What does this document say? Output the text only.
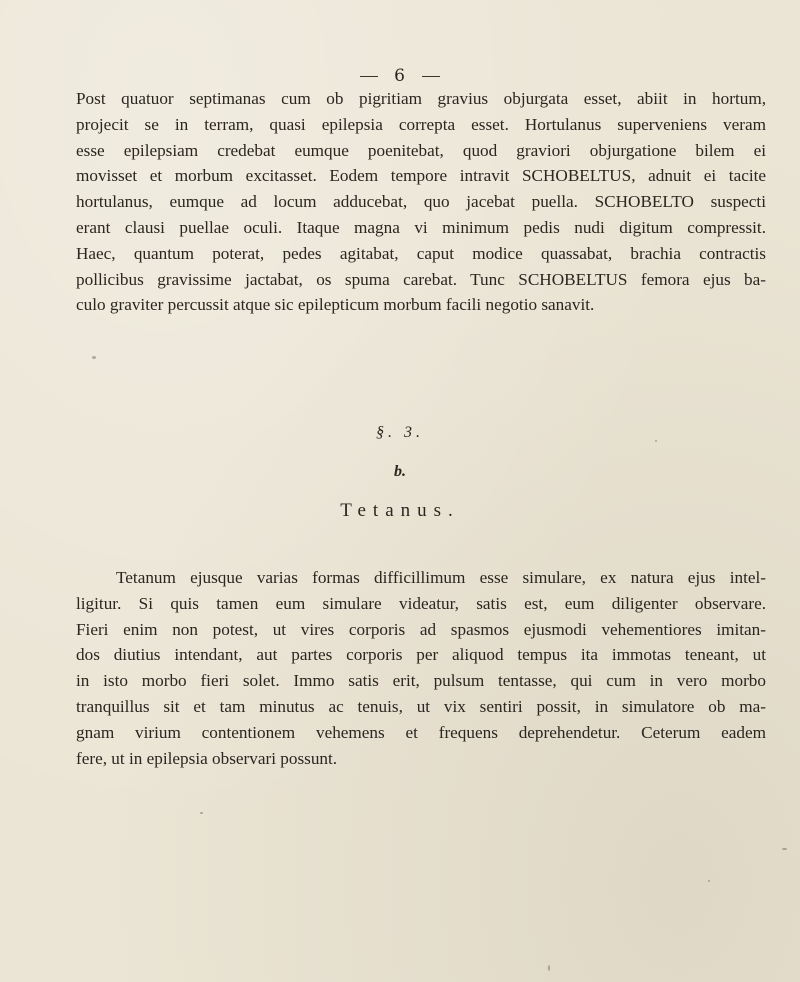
6
Post quatuor septimanas cum ob pigritiam gravius objurgata esset, abiit in hortum,
projecit se in terram, quasi epilepsia correpta esset. Hortulanus superveniens veram
esse epilepsiam credebat eumque poenitebat, quod graviori objurgatione bilem ei
movisset et morbum excitasset. Eodem tempore intravit SCHOBELTUS, adnuit ei tacite
hortulanus, eumque ad locum adducebat, quo jacebat puella. SCHOBELTO suspecti
erant clausi puellae oculi. Itaque magna vi minimum pedis nudi digitum compressit.
Haec, quantum poterat, pedes agitabat, caput modice quassabat, brachia contractis
pollicibus gravissime jactabat, os spuma carebat. Tunc SCHOBELTUS femora ejus ba-
culo graviter percussit atque sic epilepticum morbum facili negotio sanavit.
§. 3.
b.
Tetanus.
Tetanum ejusque varias formas difficillimum esse simulare, ex natura ejus intel-
ligitur. Si quis tamen eum simulare videatur, satis est, eum diligenter observare.
Fieri enim non potest, ut vires corporis ad spasmos ejusmodi vehementiores imitan-
dos diutius intendant, aut partes corporis per aliquod tempus ita immotas teneant, ut
in isto morbo fieri solet. Immo satis erit, pulsum tentasse, qui cum in vero morbo
tranquillus sit et tam minutus ac tenuis, ut vix sentiri possit, in simulatore ob ma-
gnam virium contentionem vehemens et frequens deprehendetur. Ceterum eadem
fere, ut in epilepsia observari possunt.
